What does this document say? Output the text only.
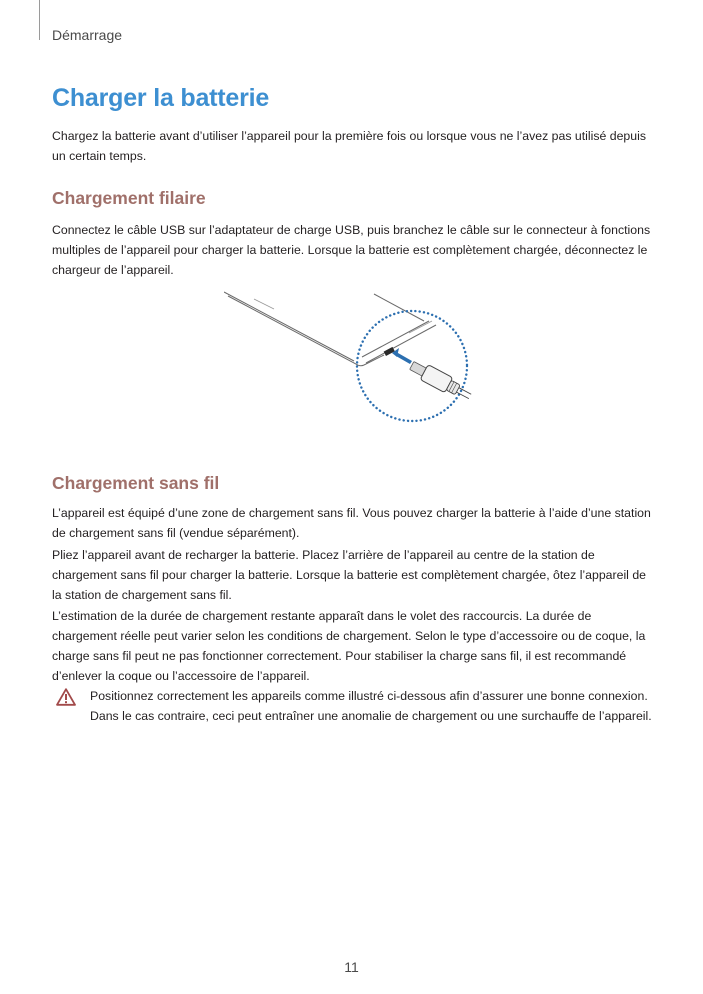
Démarrage
Charger la batterie

Chargez la batterie avant d’utiliser l’appareil pour la première fois ou lorsque vous ne l’avez pas utilisé depuis un certain temps.

Chargement filaire

Connectez le câble USB sur l’adaptateur de charge USB, puis branchez le câble sur le connecteur à fonctions multiples de l’appareil pour charger la batterie. Lorsque la batterie est complètement chargée, déconnectez le chargeur de l’appareil.

Chargement sans fil

L’appareil est équipé d’une zone de chargement sans fil. Vous pouvez charger la batterie à l’aide d’une station de chargement sans fil (vendue séparément).

Pliez l’appareil avant de recharger la batterie. Placez l’arrière de l’appareil au centre de la station de chargement sans fil pour charger la batterie. Lorsque la batterie est complètement chargée, ôtez l’appareil de la station de chargement sans fil.

L’estimation de la durée de chargement restante apparaît dans le volet des raccourcis. La durée de chargement réelle peut varier selon les conditions de chargement. Selon le type d’accessoire ou de coque, la charge sans fil peut ne pas fonctionner correctement. Pour stabiliser la charge sans fil, il est recommandé d’enlever la coque ou l’accessoire de l’appareil.

Positionnez correctement les appareils comme illustré ci-dessous afin d’assurer une bonne connexion. Dans le cas contraire, ceci peut entraîner une anomalie de chargement ou une surchauffe de l’appareil.
11
